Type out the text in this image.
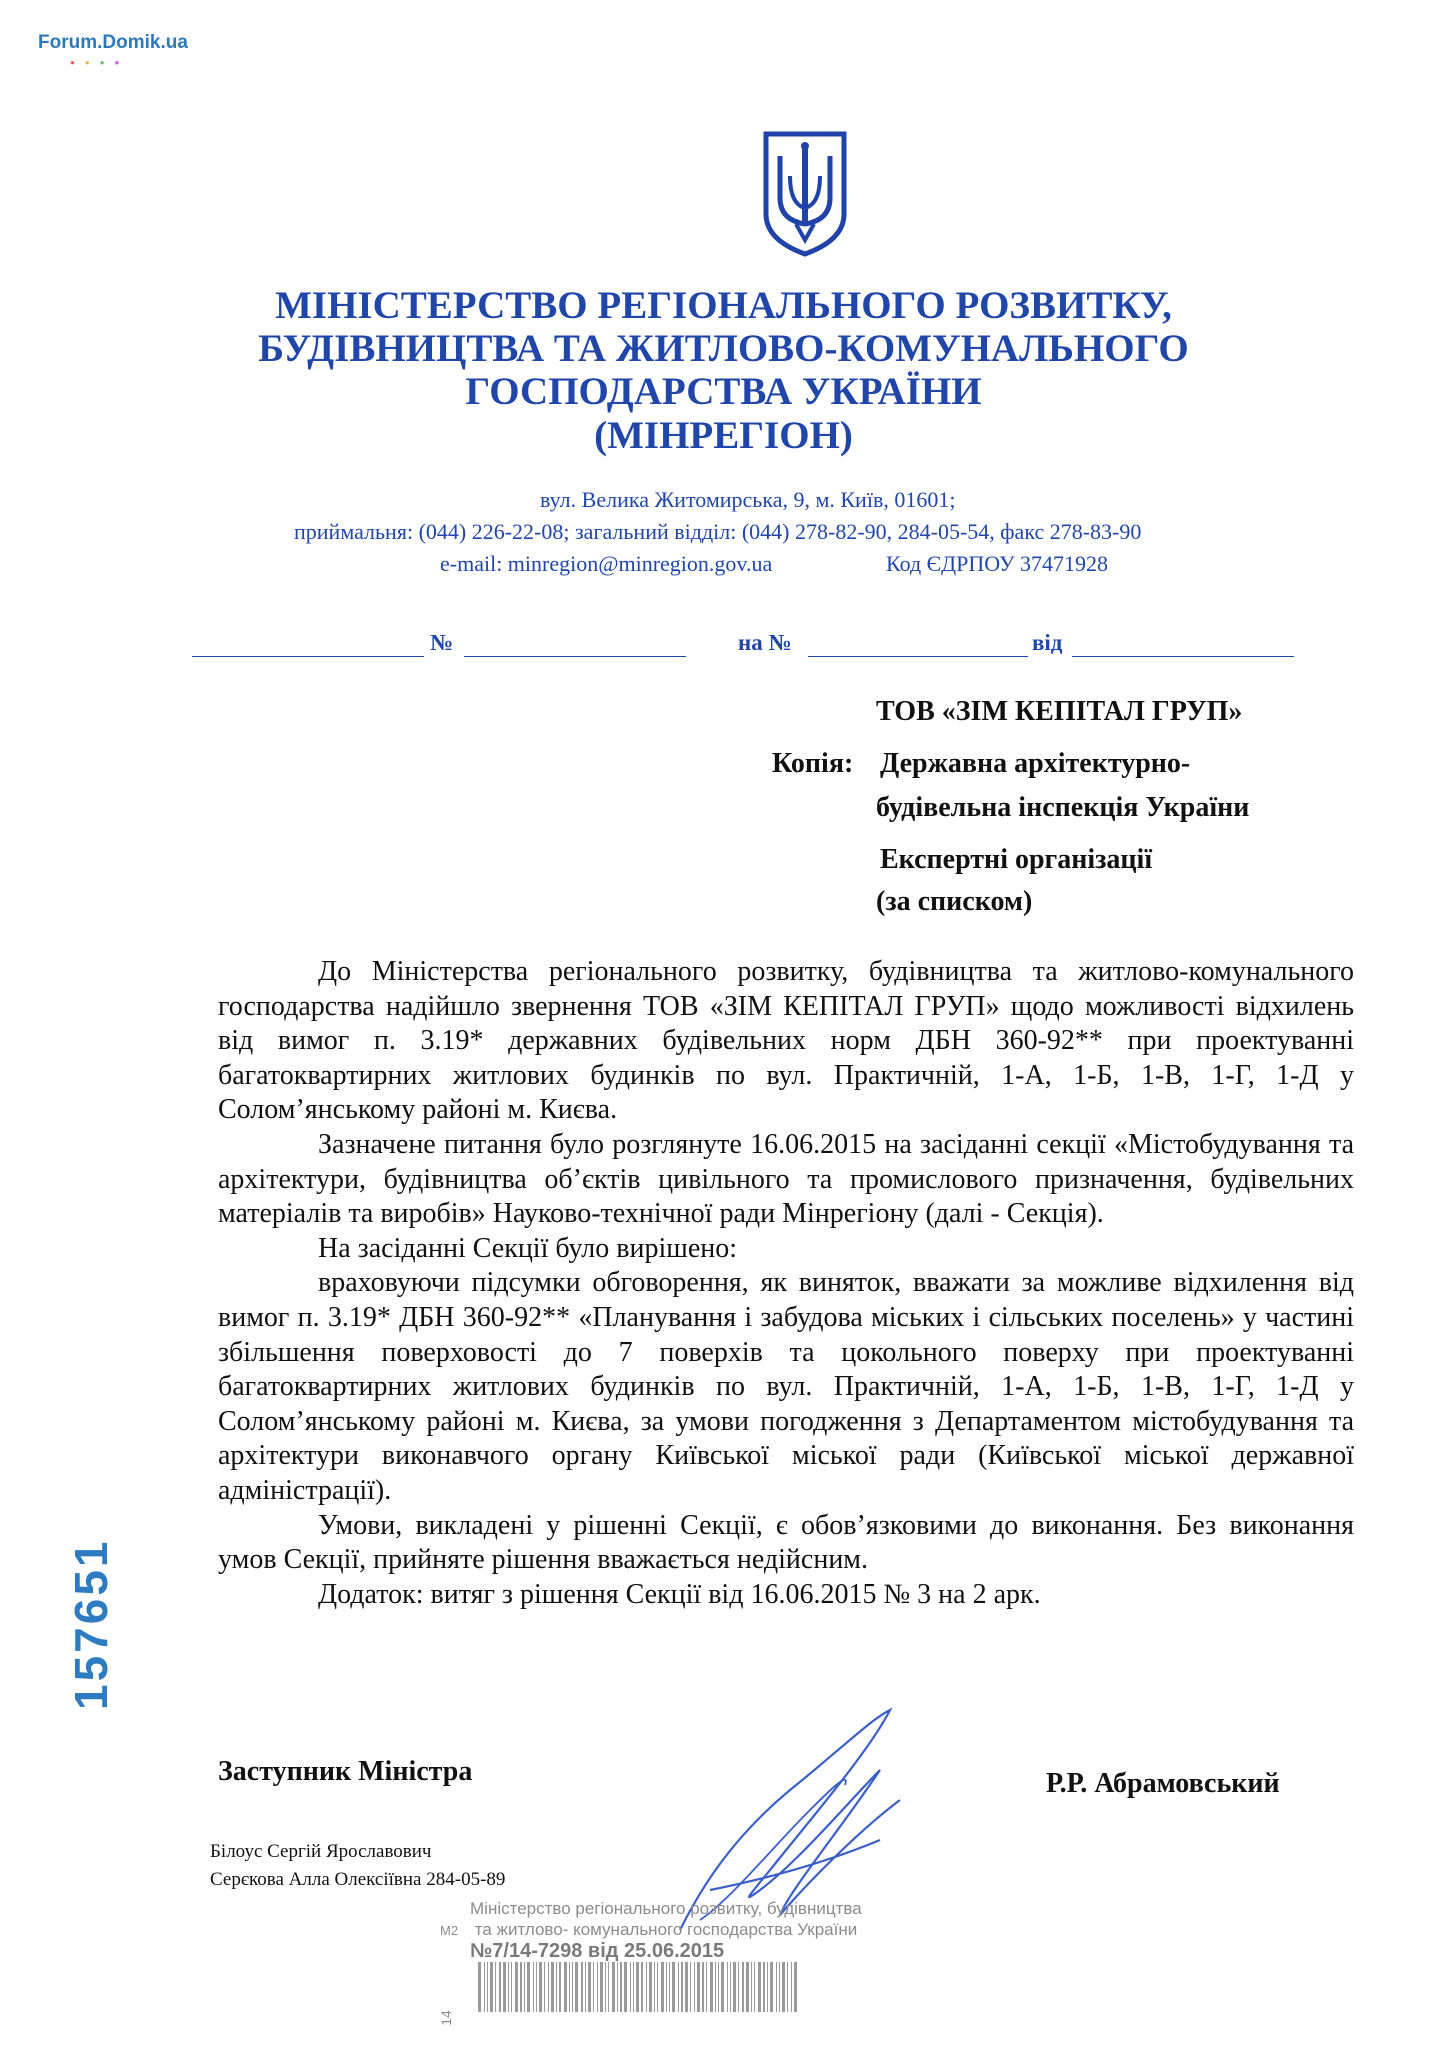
Forum.Domik.ua
●●●●
МІНІСТЕРСТВО РЕГІОНАЛЬНОГО РОЗВИТКУ,
БУДІВНИЦТВА ТА ЖИТЛОВО-КОМУНАЛЬНОГО
ГОСПОДАРСТВА УКРАЇНИ
(МІНРЕГІОН)
вул. Велика Житомирська, 9, м. Київ, 01601;
приймальня: (044) 226-22-08; загальний відділ: (044) 278-82-90, 284-05-54, факс 278-83-90
e-mail: minregion@minregion.gov.ua	Код ЄДРПОУ 37471928
№	на №	від
ТОВ «ЗІМ КЕПІТАЛ ГРУП»
Копія: Державна архітектурно-
будівельна інспекція України
Експертні організації
(за списком)

До Міністерства регіонального розвитку, будівництва та житлово-комунального господарства надійшло звернення ТОВ «ЗІМ КЕПІТАЛ ГРУП» щодо можливості відхилень від вимог п. 3.19* державних будівельних норм ДБН 360-92** при проектуванні багатоквартирних житлових будинків по вул. Практичній, 1-А, 1-Б, 1-В, 1-Г, 1-Д у Солом’янському районі м. Києва.

Зазначене питання було розглянуте 16.06.2015 на засіданні секції «Містобудування та архітектури, будівництва об’єктів цивільного та промислового призначення, будівельних матеріалів та виробів» Науково-технічної ради Мінрегіону (далі - Секція).

На засіданні Секції було вирішено:

враховуючи підсумки обговорення, як виняток, вважати за можливе відхилення від вимог п. 3.19* ДБН 360-92** «Планування і забудова міських і сільських поселень» у частині збільшення поверховості до 7 поверхів та цокольного поверху при проектуванні багатоквартирних житлових будинків по вул. Практичній, 1-А, 1-Б, 1-В, 1-Г, 1-Д у Солом’янському районі м. Києва, за умови погодження з Департаментом містобудування та архітектури виконавчого органу Київської міської ради (Київської міської державної адміністрації).

Умови, викладені у рішенні Секції, є обов’язковими до виконання. Без виконання умов Секції, прийняте рішення вважається недійсним.

Додаток: витяг з рішення Секції від 16.06.2015 № 3 на 2 арк.

Заступник Міністра	Р.Р. Абрамовський
Білоус Сергій Ярославович
Серєкова Алла Олексіївна 284-05-89
157651
Міністерство регіонального розвитку, будівництва
М2 та житлово- комунального господарства України
№7/14-7298 від 25.06.2015
14
